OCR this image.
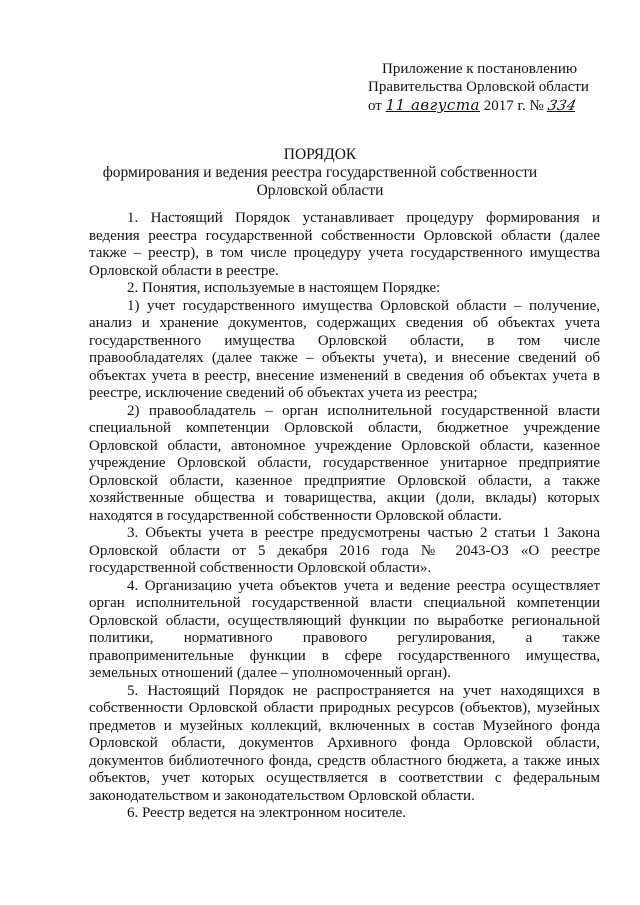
Приложение к постановлению
Правительства Орловской области
от 11 августа 2017 г. № 334
ПОРЯДОК
формирования и ведения реестра государственной собственности
Орловской области

1. Настоящий Порядок устанавливает процедуру формирования и ведения реестра государственной собственности Орловской области (далее также – реестр), в том числе процедуру учета государственного имущества Орловской области в реестре.

2. Понятия, используемые в настоящем Порядке:

1) учет государственного имущества Орловской области – получение, анализ и хранение документов, содержащих сведения об объектах учета государственного имущества Орловской области, в том числе правообладателях (далее также – объекты учета), и внесение сведений об объектах учета в реестр, внесение изменений в сведения об объектах учета в реестре, исключение сведений об объектах учета из реестра;

2) правообладатель – орган исполнительной государственной власти специальной компетенции Орловской области, бюджетное учреждение Орловской области, автономное учреждение Орловской области, казенное учреждение Орловской области, государственное унитарное предприятие Орловской области, казенное предприятие Орловской области, а также хозяйственные общества и товарищества, акции (доли, вклады) которых находятся в государственной собственности Орловской области.

3. Объекты учета в реестре предусмотрены частью 2 статьи 1 Закона Орловской области от 5 декабря 2016 года № 2043-ОЗ «О реестре государственной собственности Орловской области».

4. Организацию учета объектов учета и ведение реестра осуществляет орган исполнительной государственной власти специальной компетенции Орловской области, осуществляющий функции по выработке региональной политики, нормативного правового регулирования, а также правоприменительные функции в сфере государственного имущества, земельных отношений (далее – уполномоченный орган).

5. Настоящий Порядок не распространяется на учет находящихся в собственности Орловской области природных ресурсов (объектов), музейных предметов и музейных коллекций, включенных в состав Музейного фонда Орловской области, документов Архивного фонда Орловской области, документов библиотечного фонда, средств областного бюджета, а также иных объектов, учет которых осуществляется в соответствии с федеральным законодательством и законодательством Орловской области.

6. Реестр ведется на электронном носителе.
